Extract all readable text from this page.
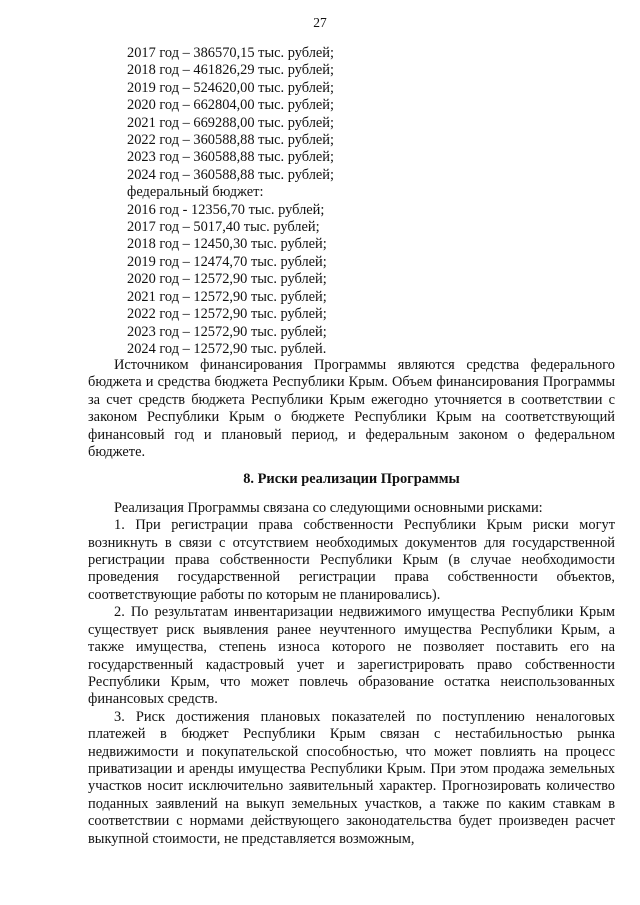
27
2017 год – 386570,15 тыс. рублей;
2018 год – 461826,29 тыс. рублей;
2019 год – 524620,00 тыс. рублей;
2020 год – 662804,00 тыс. рублей;
2021 год – 669288,00 тыс. рублей;
2022 год – 360588,88 тыс. рублей;
2023 год – 360588,88 тыс. рублей;
2024 год – 360588,88 тыс. рублей;
федеральный бюджет:
2016 год - 12356,70 тыс. рублей;
2017 год – 5017,40 тыс. рублей;
2018 год – 12450,30 тыс. рублей;
2019 год – 12474,70 тыс. рублей;
2020 год – 12572,90 тыс. рублей;
2021 год – 12572,90 тыс. рублей;
2022 год – 12572,90 тыс. рублей;
2023 год – 12572,90 тыс. рублей;
2024 год – 12572,90 тыс. рублей.

Источником финансирования Программы являются средства федерального бюджета и средства бюджета Республики Крым. Объем финансирования Программы за счет средств бюджета Республики Крым ежегодно уточняется в соответствии с законом Республики Крым о бюджете Республики Крым на соответствующий финансовый год и плановый период, и федеральным законом о федеральном бюджете.

8. Риски реализации Программы

Реализация Программы связана со следующими основными рисками:

1. При регистрации права собственности Республики Крым риски могут возникнуть в связи с отсутствием необходимых документов для государственной регистрации права собственности Республики Крым (в случае необходимости проведения государственной регистрации права собственности объектов, соответствующие работы по которым не планировались).

2. По результатам инвентаризации недвижимого имущества Республики Крым существует риск выявления ранее неучтенного имущества Республики Крым, а также имущества, степень износа которого не позволяет поставить его на государственный кадастровый учет и зарегистрировать право собственности Республики Крым, что может повлечь образование остатка неиспользованных финансовых средств.

3. Риск достижения плановых показателей по поступлению неналоговых платежей в бюджет Республики Крым связан с нестабильностью рынка недвижимости и покупательской способностью, что может повлиять на процесс приватизации и аренды имущества Республики Крым. При этом продажа земельных участков носит исключительно заявительный характер. Прогнозировать количество поданных заявлений на выкуп земельных участков, а также по каким ставкам в соответствии с нормами действующего законодательства будет произведен расчет выкупной стоимости, не представляется возможным,
